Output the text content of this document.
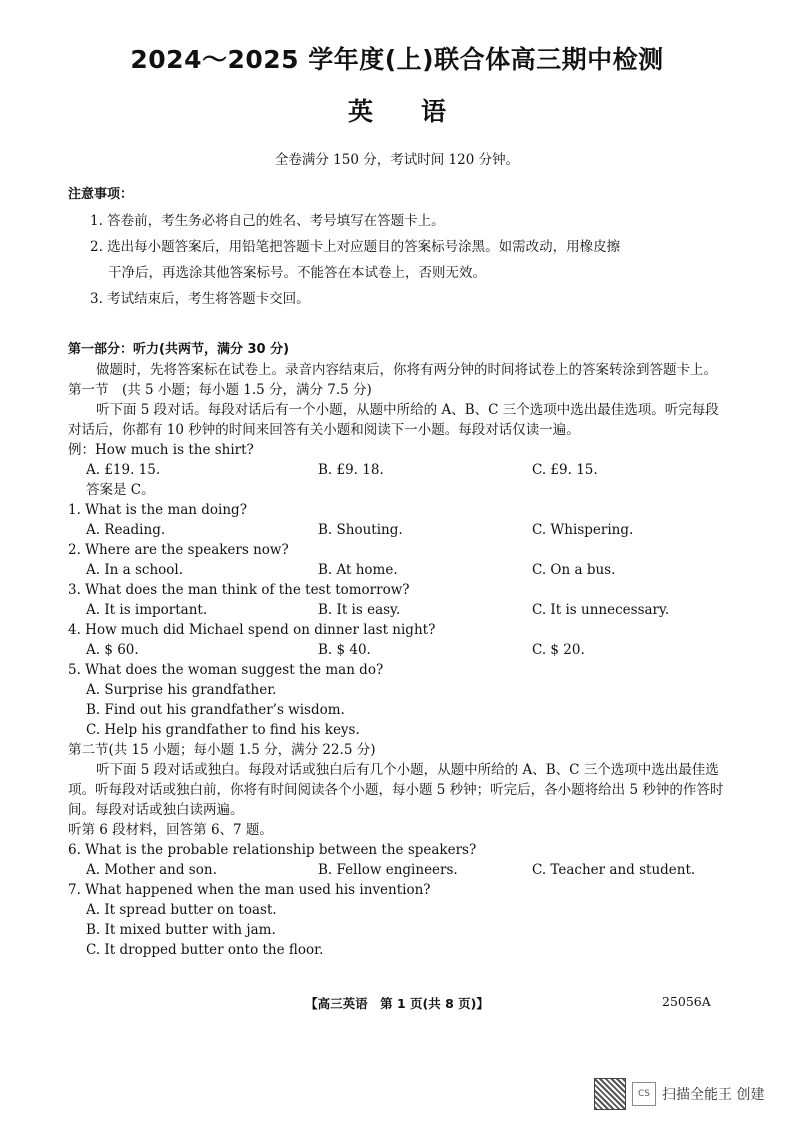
2024～2025 学年度(上)联合体高三期中检测
英语
全卷满分 150 分，考试时间 120 分钟。
注意事项：
1. 答卷前，考生务必将自己的姓名、考号填写在答题卡上。
2. 选出每小题答案后，用铅笔把答题卡上对应题目的答案标号涂黑。如需改动，用橡皮擦
干净后，再选涂其他答案标号。不能答在本试卷上，否则无效。
3. 考试结束后，考生将答题卡交回。
第一部分：听力(共两节，满分 30 分)
做题时，先将答案标在试卷上。录音内容结束后，你将有两分钟的时间将试卷上的答案转涂到答题卡上。
第一节　(共 5 小题；每小题 1.5 分，满分 7.5 分)
听下面 5 段对话。每段对话后有一个小题，从题中所给的 A、B、C 三个选项中选出最佳选项。听完每段对话后，你都有 10 秒钟的时间来回答有关小题和阅读下一小题。每段对话仅读一遍。
例：How much is the shirt?
A. £19. 15.	B. £9. 18.	C. £9. 15.
答案是 C。
1. What is the man doing?
A. Reading.	B. Shouting.	C. Whispering.
2. Where are the speakers now?
A. In a school.	B. At home.	C. On a bus.
3. What does the man think of the test tomorrow?
A. It is important.	B. It is easy.	C. It is unnecessary.
4. How much did Michael spend on dinner last night?
A. $ 60.	B. $ 40.	C. $ 20.
5. What does the woman suggest the man do?
A. Surprise his grandfather.
B. Find out his grandfather’s wisdom.
C. Help his grandfather to find his keys.
第二节(共 15 小题；每小题 1.5 分，满分 22.5 分)
听下面 5 段对话或独白。每段对话或独白后有几个小题，从题中所给的 A、B、C 三个选项中选出最佳选项。听每段对话或独白前，你将有时间阅读各个小题，每小题 5 秒钟；听完后，各小题将给出 5 秒钟的作答时间。每段对话或独白读两遍。
听第 6 段材料，回答第 6、7 题。
6. What is the probable relationship between the speakers?
A. Mother and son.	B. Fellow engineers.	C. Teacher and student.
7. What happened when the man used his invention?
A. It spread butter on toast.
B. It mixed butter with jam.
C. It dropped butter onto the floor.
【高三英语　第 1 页(共 8 页)】	25056A
CS 扫描全能王 创建
